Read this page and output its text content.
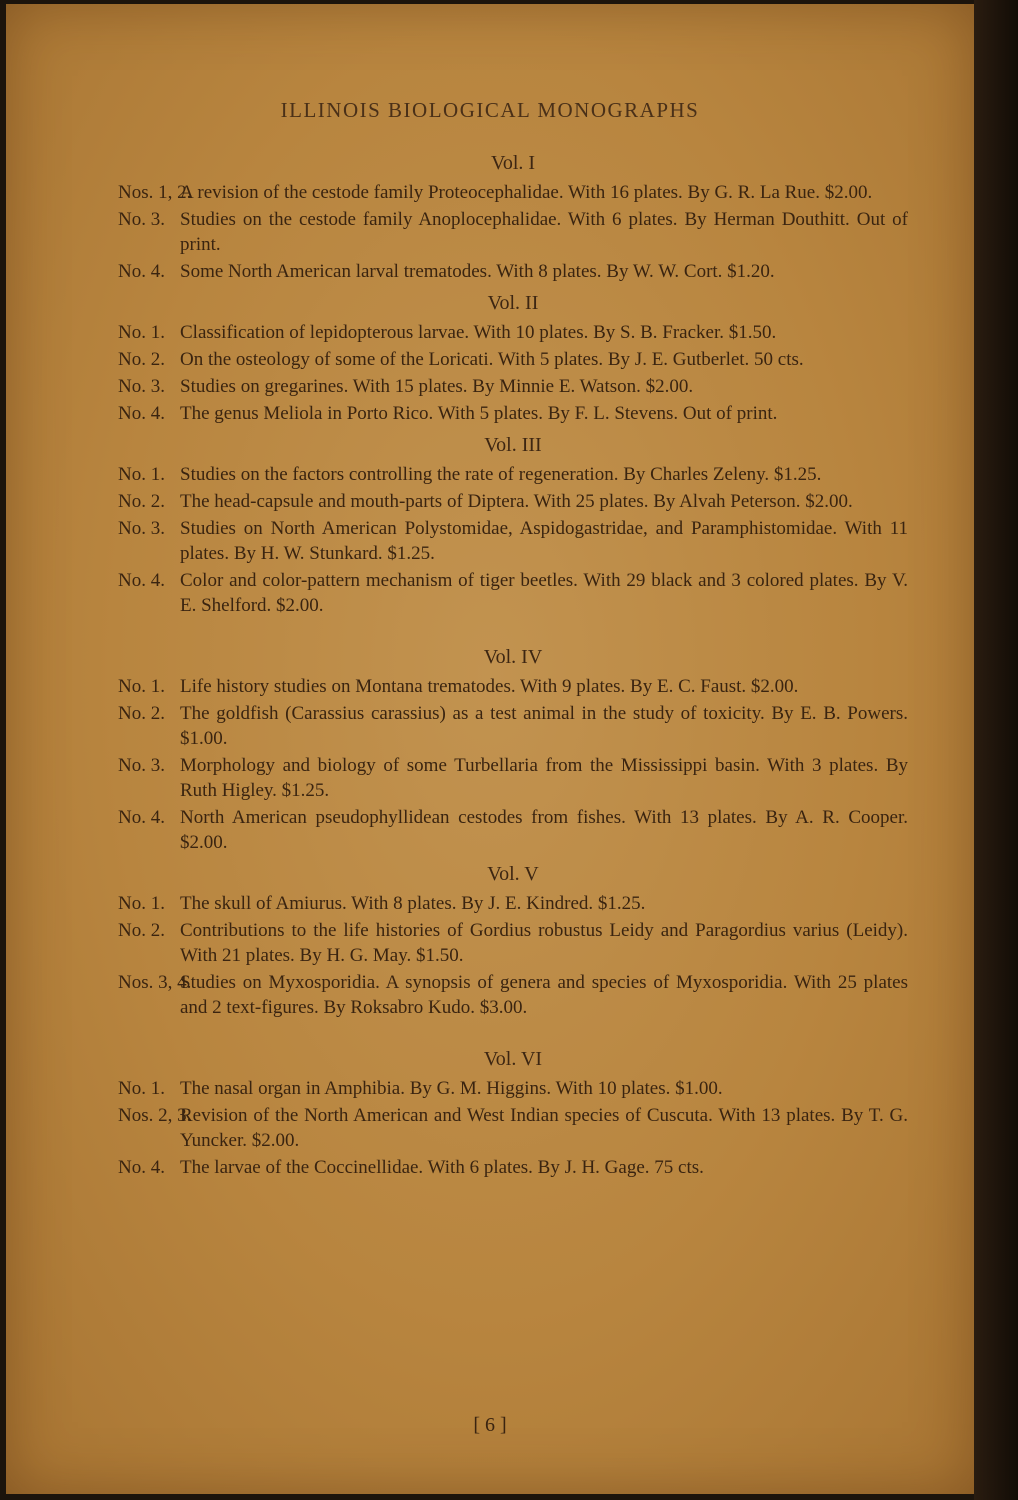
ILLINOIS BIOLOGICAL MONOGRAPHS
Vol. I
Nos. 1, 2.
A revision of the cestode family Proteocephalidae. With 16 plates. By G. R. La Rue. $2.00.
No. 3. Studies on the cestode family Anoplocephalidae. With 6 plates. By Herman Douthitt. Out of print.
No. 4. Some North American larval trematodes. With 8 plates. By W. W. Cort. $1.20.
Vol. II
No. 1. Classification of lepidopterous larvae. With 10 plates. By S. B. Fracker. $1.50.
No. 2. On the osteology of some of the Loricati. With 5 plates. By J. E. Gutberlet. 50 cts.
No. 3. Studies on gregarines. With 15 plates. By Minnie E. Watson. $2.00.
No. 4. The genus Meliola in Porto Rico. With 5 plates. By F. L. Stevens. Out of print.
Vol. III
No. 1. Studies on the factors controlling the rate of regeneration. By Charles Zeleny. $1.25.
No. 2. The head-capsule and mouth-parts of Diptera. With 25 plates. By Alvah Peterson. $2.00.
No. 3. Studies on North American Polystomidae, Aspidogastridae, and Paramphistomidae. With 11 plates. By H. W. Stunkard. $1.25.
No. 4. Color and color-pattern mechanism of tiger beetles. With 29 black and 3 colored plates. By V. E. Shelford. $2.00.
Vol. IV
No. 1. Life history studies on Montana trematodes. With 9 plates. By E. C. Faust. $2.00.
No. 2. The goldfish (Carassius carassius) as a test animal in the study of toxicity. By E. B. Powers. $1.00.
No. 3. Morphology and biology of some Turbellaria from the Mississippi basin. With 3 plates. By Ruth Higley. $1.25.
No. 4. North American pseudophyllidean cestodes from fishes. With 13 plates. By A. R. Cooper. $2.00.
Vol. V
No. 1. The skull of Amiurus. With 8 plates. By J. E. Kindred. $1.25.
No. 2. Contributions to the life histories of Gordius robustus Leidy and Paragordius varius (Leidy). With 21 plates. By H. G. May. $1.50.
Nos. 3, 4.
Studies on Myxosporidia. A synopsis of genera and species of Myxosporidia. With 25 plates and 2 text-figures. By Roksabro Kudo. $3.00.
Vol. VI
No. 1. The nasal organ in Amphibia. By G. M. Higgins. With 10 plates. $1.00.
Nos. 2, 3.
Revision of the North American and West Indian species of Cuscuta. With 13 plates. By T. G. Yuncker. $2.00.
No. 4. The larvae of the Coccinellidae. With 6 plates. By J. H. Gage. 75 cts.
[ 6 ]
